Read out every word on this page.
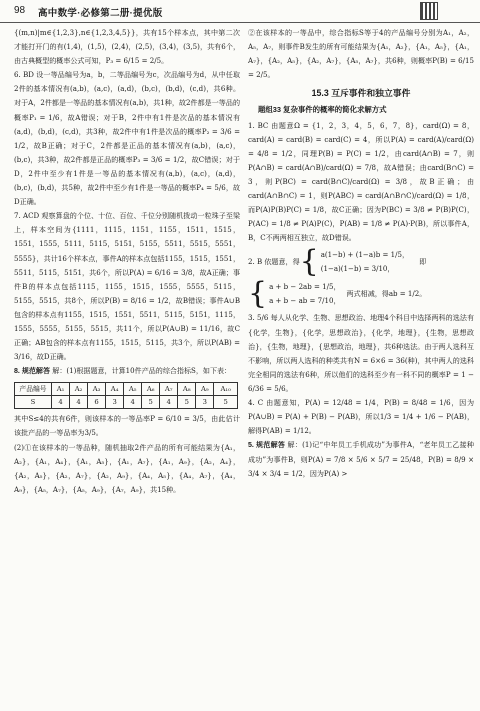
98 高中数学·必修第二册·提优版

{(m,n)|m∈{1,2,3},n∈{1,2,3,4,5}}，共有15个样本点，其中第二次才能打开门的有(1,4)，(1,5)，(2,4)，(2,5)，(3,4)，(3,5)，共有6个，由古典概型的概率公式可知，P₃ = 6/15 = 2/5。

6. BD 设一等品编号为a，b，二等品编号为c，次品编号为d，从中任取2件的基本情况有(a,b)，(a,c)，(a,d)，(b,c)，(b,d)，(c,d)，共6种。对于A，2件都是一等品的基本情况有(a,b)，共1种，故2件都是一等品的概率P₁ = 1/6，故A错误；对于B，2件中有1件是次品的基本情况有(a,d)，(b,d)，(c,d)，共3种，故2件中有1件是次品的概率P₂ = 3/6 = 1/2，故B正确；对于C，2件都是正品的基本情况有(a,b)，(a,c)，(b,c)，共3种，故2件都是正品的概率P₃ = 3/6 = 1/2，故C错误；对于D，2件中至少有1件是一等品的基本情况有(a,b)，(a,c)，(a,d)，(b,c)，(b,d)，共5种，故2件中至少有1件是一等品的概率P₄ = 5/6，故D正确。

7. ACD 观察算盘的个位、十位、百位、千位分别随机拨动一粒珠子至梁上，样本空间为{1111，1115，1151，1155，1511，1515，1551，1555，5111，5115，5151，5155，5511，5515，5551，5555}，共计16个样本点，事件A的样本点包括1155，1515，1551，5511，5115，5151，共6个，所以P(A) = 6/16 = 3/8，故A正确；事件B的样本点包括1115，1155，1515，1555，5555，5115，5155，5515，共8个，所以P(B) = 8/16 = 1/2，故B错误；事件A∪B包含的样本点有1155，1515，1551，5511，5115，5151，1115，1555，5555，5155，5515，共11个，所以P(A∪B) = 11/16，故C正确；AB包含的样本点有1155，1515，5115，共3个，所以P(AB) = 3/16，故D正确。

8. 规范解答 解：(1)根据题意，计算10件产品的综合指标S，如下表：

产品编号	A₁	A₂	A₃	A₄	A₅	A₆	A₇	A₈	A₉	A₁₀
S	4	4	6	3	4	5	4	5	3	5

其中S≤4的共有6件，则该样本的一等品率P = 6/10 = 3/5，由此估计该批产品的一等品率为3/5。

(2)①在该样本的一等品种，随机抽取2件产品的所有可能结果为{A₁，A₂}，{A₁，A₄}，{A₁，A₅}，{A₁，A₇}，{A₁，A₉}，{A₂，A₄}，{A₂，A₅}，{A₂，A₇}，{A₂，A₉}，{A₄，A₅}，{A₄，A₇}，{A₄，A₉}，{A₅，A₇}，{A₅，A₉}，{A₇，A₉}，共15种。

②在该样本的一等品中，综合指标S等于4的产品编号分别为A₁，A₂，A₅，A₇，则事件B发生的所有可能结果为{A₁，A₂}，{A₁，A₅}，{A₁，A₇}，{A₂，A₅}，{A₂，A₇}，{A₅，A₇}，共6种，则概率P(B) = 6/15 = 2/5。

15.3 互斥事件和独立事件
题组33 复杂事件的概率的简化求解方式

1. BC 由题意Ω = {1，2，3，4，5，6，7，8}，card(Ω) = 8，card(A) = card(B) = card(C) = 4，所以P(A) = card(A)/card(Ω) = 4/8 = 1/2，同理P(B) = P(C) = 1/2，由card(A∩B) = 7，则P(A∩B) = card(A∩B)/card(Ω) = 7/8，故A错误；由card(B∩C) = 3，则P(BC) = card(B∩C)/card(Ω) = 3/8，故B正确；由card(A∩B∩C) = 1，则P(ABC) = card(A∩B∩C)/card(Ω) = 1/8，而P(A)P(B)P(C) = 1/8，故C正确；因为P(BC) = 3/8 ≠ P(B)P(C)，P(AC) = 1/8 ≠ P(A)P(C)，P(AB) = 1/8 ≠ P(A)·P(B)，所以事件A，B，C不两两相互独立，故D错误。

2. B 依题意，得 { a(1−b) + (1−a)b = 1/5，
(1−a)(1−b) = 3/10，
即
{ a + b − 2ab = 1/5，
a + b − ab = 7/10，
两式相减，得ab = 1/2。

3. 5/6 每人从化学、生物、思想政治、地理4个科目中选择两科的选法有{化学，生物}，{化学，思想政治}，{化学，地理}，{生物，思想政治}，{生物，地理}，{思想政治，地理}，共6种选法。由于两人选科互不影响，所以两人选科的种类共有N = 6×6 = 36(种)，其中两人的选科完全相同的选法有6种，所以他们的选科至少有一科不同的概率P = 1 − 6/36 = 5/6。

4. C 由题意知，P(A) = 12/48 = 1/4，P(B) = 8/48 = 1/6，因为P(A∪B) = P(A) + P(B) − P(AB)，所以1/3 = 1/4 + 1/6 − P(AB)，解得P(AB) = 1/12。

5. 规范解答 解：(1)记“中年员工手机成功”为事件A，“老年员工乙接种成功”为事件B，则P(A) = 7/8 × 5/6 × 5/7 = 25/48，P(B) = 8/9 × 3/4 × 3/4 = 1/2，因为P(A) >
